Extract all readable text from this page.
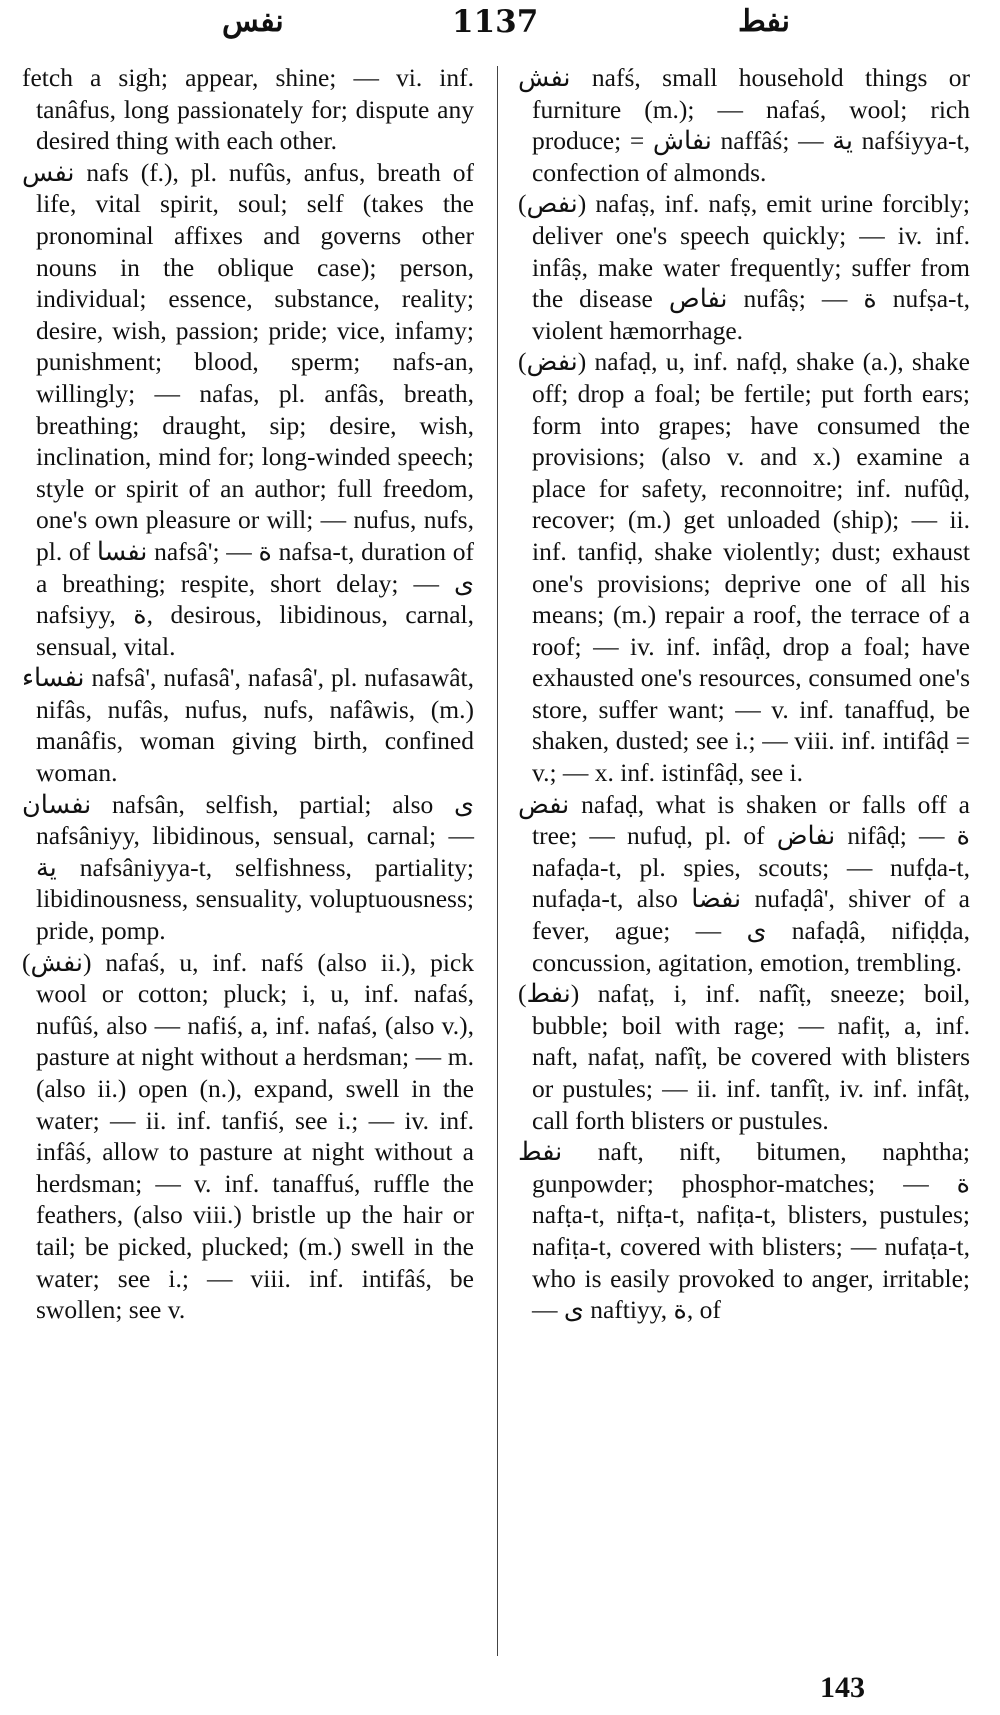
نفس	1137	نفط

fetch a sigh; appear, shine; — vi. inf. tanâfus, long passionately for; dispute any desired thing with each other.

نفس nafs (f.), pl. nufûs, anfus, breath of life, vital spirit, soul; self (takes the pronominal affixes and governs other nouns in the oblique case); person, individual; essence, substance, reality; desire, wish, passion; pride; vice, infamy; punishment; blood, sperm; nafs-an, willingly; — nafas, pl. anfâs, breath, breathing; draught, sip; desire, wish, inclination, mind for; long-winded speech; style or spirit of an author; full freedom, one's own pleasure or will; — nufus, nufs, pl. of نفسا nafsâ'; — ة nafsa-t, duration of a breathing; respite, short delay; — ى nafsiyy, ة, desirous, libidinous, carnal, sensual, vital.

نفساء nafsâ', nufasâ', nafasâ', pl. nufasawât, nifâs, nufâs, nufus, nufs, nafâwis, (m.) manâfis, woman giving birth, confined woman.

نفسان nafsân, selfish, partial; also ى nafsâniyy, libidinous, sensual, carnal; — ية nafsâniyya-t, selfishness, partiality; libidinousness, sensuality, voluptuousness; pride, pomp.

(نفش) nafaś, u, inf. nafś (also ii.), pick wool or cotton; pluck; i, u, inf. nafaś, nufûś, also — nafiś, a, inf. nafaś, (also v.), pasture at night without a herdsman; — m. (also ii.) open (n.), expand, swell in the water; — ii. inf. tanfiś, see i.; — iv. inf. infâś, allow to pasture at night without a herdsman; — v. inf. tanaffuś, ruffle the feathers, (also viii.) bristle up the hair or tail; be picked, plucked; (m.) swell in the water; see i.; — viii. inf. intifâś, be swollen; see v.

نفش nafś, small household things or furniture (m.); — nafaś, wool; rich produce; = نفاش naffâś; — ية nafśiyya-t, confection of almonds.

(نفص) nafaṣ, inf. nafṣ, emit urine forcibly; deliver one's speech quickly; — iv. inf. infâṣ, make water frequently; suffer from the disease نفاص nufâṣ; — ة nufṣa-t, violent hæmorrhage.

(نفض) nafaḍ, u, inf. nafḍ, shake (a.), shake off; drop a foal; be fertile; put forth ears; form into grapes; have consumed the provisions; (also v. and x.) examine a place for safety, reconnoitre; inf. nufûḍ, recover; (m.) get unloaded (ship); — ii. inf. tanfiḍ, shake violently; dust; exhaust one's provisions; deprive one of all his means; (m.) repair a roof, the terrace of a roof; — iv. inf. infâḍ, drop a foal; have exhausted one's resources, consumed one's store, suffer want; — v. inf. tanaffuḍ, be shaken, dusted; see i.; — viii. inf. intifâḍ = v.; — x. inf. istinfâḍ, see i.

نفض nafaḍ, what is shaken or falls off a tree; — nufuḍ, pl. of نفاض nifâḍ; — ة nafaḍa-t, pl. spies, scouts; — nufḍa-t, nufaḍa-t, also نفضا nufaḍâ', shiver of a fever, ague; — ى nafaḍâ, nifiḍḍa, concussion, agitation, emotion, trembling.

(نفط) nafaṭ, i, inf. nafîṭ, sneeze; boil, bubble; boil with rage; — nafiṭ, a, inf. naft, nafaṭ, nafîṭ, be covered with blisters or pustules; — ii. inf. tanfîṭ, iv. inf. infâṭ, call forth blisters or pustules.

نفط naft, nift, bitumen, naphtha; gunpowder; phosphor-matches; — ة nafṭa-t, nifṭa-t, nafiṭa-t, blisters, pustules; nafiṭa-t, covered with blisters; — nufaṭa-t, who is easily provoked to anger, irritable; — ى naftiyy, ة, of

143
